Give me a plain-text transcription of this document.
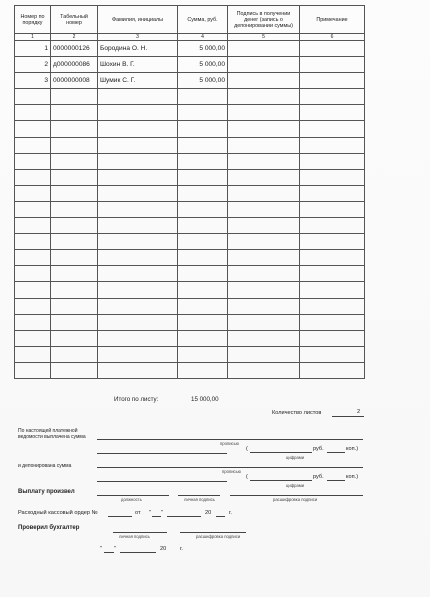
Номер по порядку	Табельный номер	Фамилия, инициалы	Сумма, руб.	Подпись в получении денег (запись о депонировании суммы)	Примечание
1	2	3	4	5	6
1	0000000126	Бородина О. Н.	5 000,00		
2	д000000086	Шохин В. Г.	5 000,00		
3	0000000008	Шумик С. Г.	5 000,00		

Итого по листу:	15 000,00
Количество листов	2
По настоящей платежной
ведомости выплачена сумма
прописью
(	руб.	коп.)
цифрами
и депонирована сумма
прописью
(	руб.	коп.)
цифрами
Выплату произвел
должность	личная подпись	расшифровка подписи
Расходный кассовый ордер №	от " "	20	г.
Проверил бухгалтер
личная подпись	расшифровка подписи
" "	20 г.
